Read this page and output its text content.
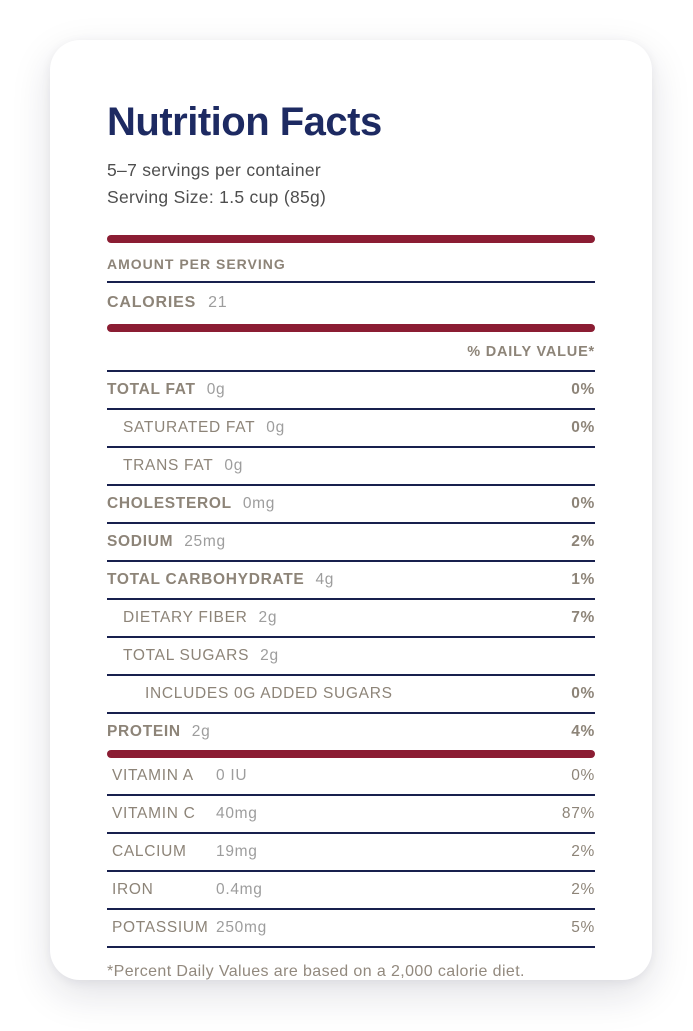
Nutrition Facts
5–7 servings per container
Serving Size: 1.5 cup (85g)
AMOUNT PER SERVING
CALORIES 21
% DAILY VALUE*
TOTAL FAT 0g	0%
SATURATED FAT 0g	0%
TRANS FAT 0g
CHOLESTEROL 0mg	0%
SODIUM 25mg	2%
TOTAL CARBOHYDRATE 4g	1%
DIETARY FIBER 2g	7%
TOTAL SUGARS 2g
INCLUDES 0G ADDED SUGARS	0%
PROTEIN 2g	4%
VITAMIN A	0 IU	0%
VITAMIN C	40mg	87%
CALCIUM	19mg	2%
IRON	0.4mg	2%
POTASSIUM 250mg	5%
*Percent Daily Values are based on a 2,000 calorie diet.
